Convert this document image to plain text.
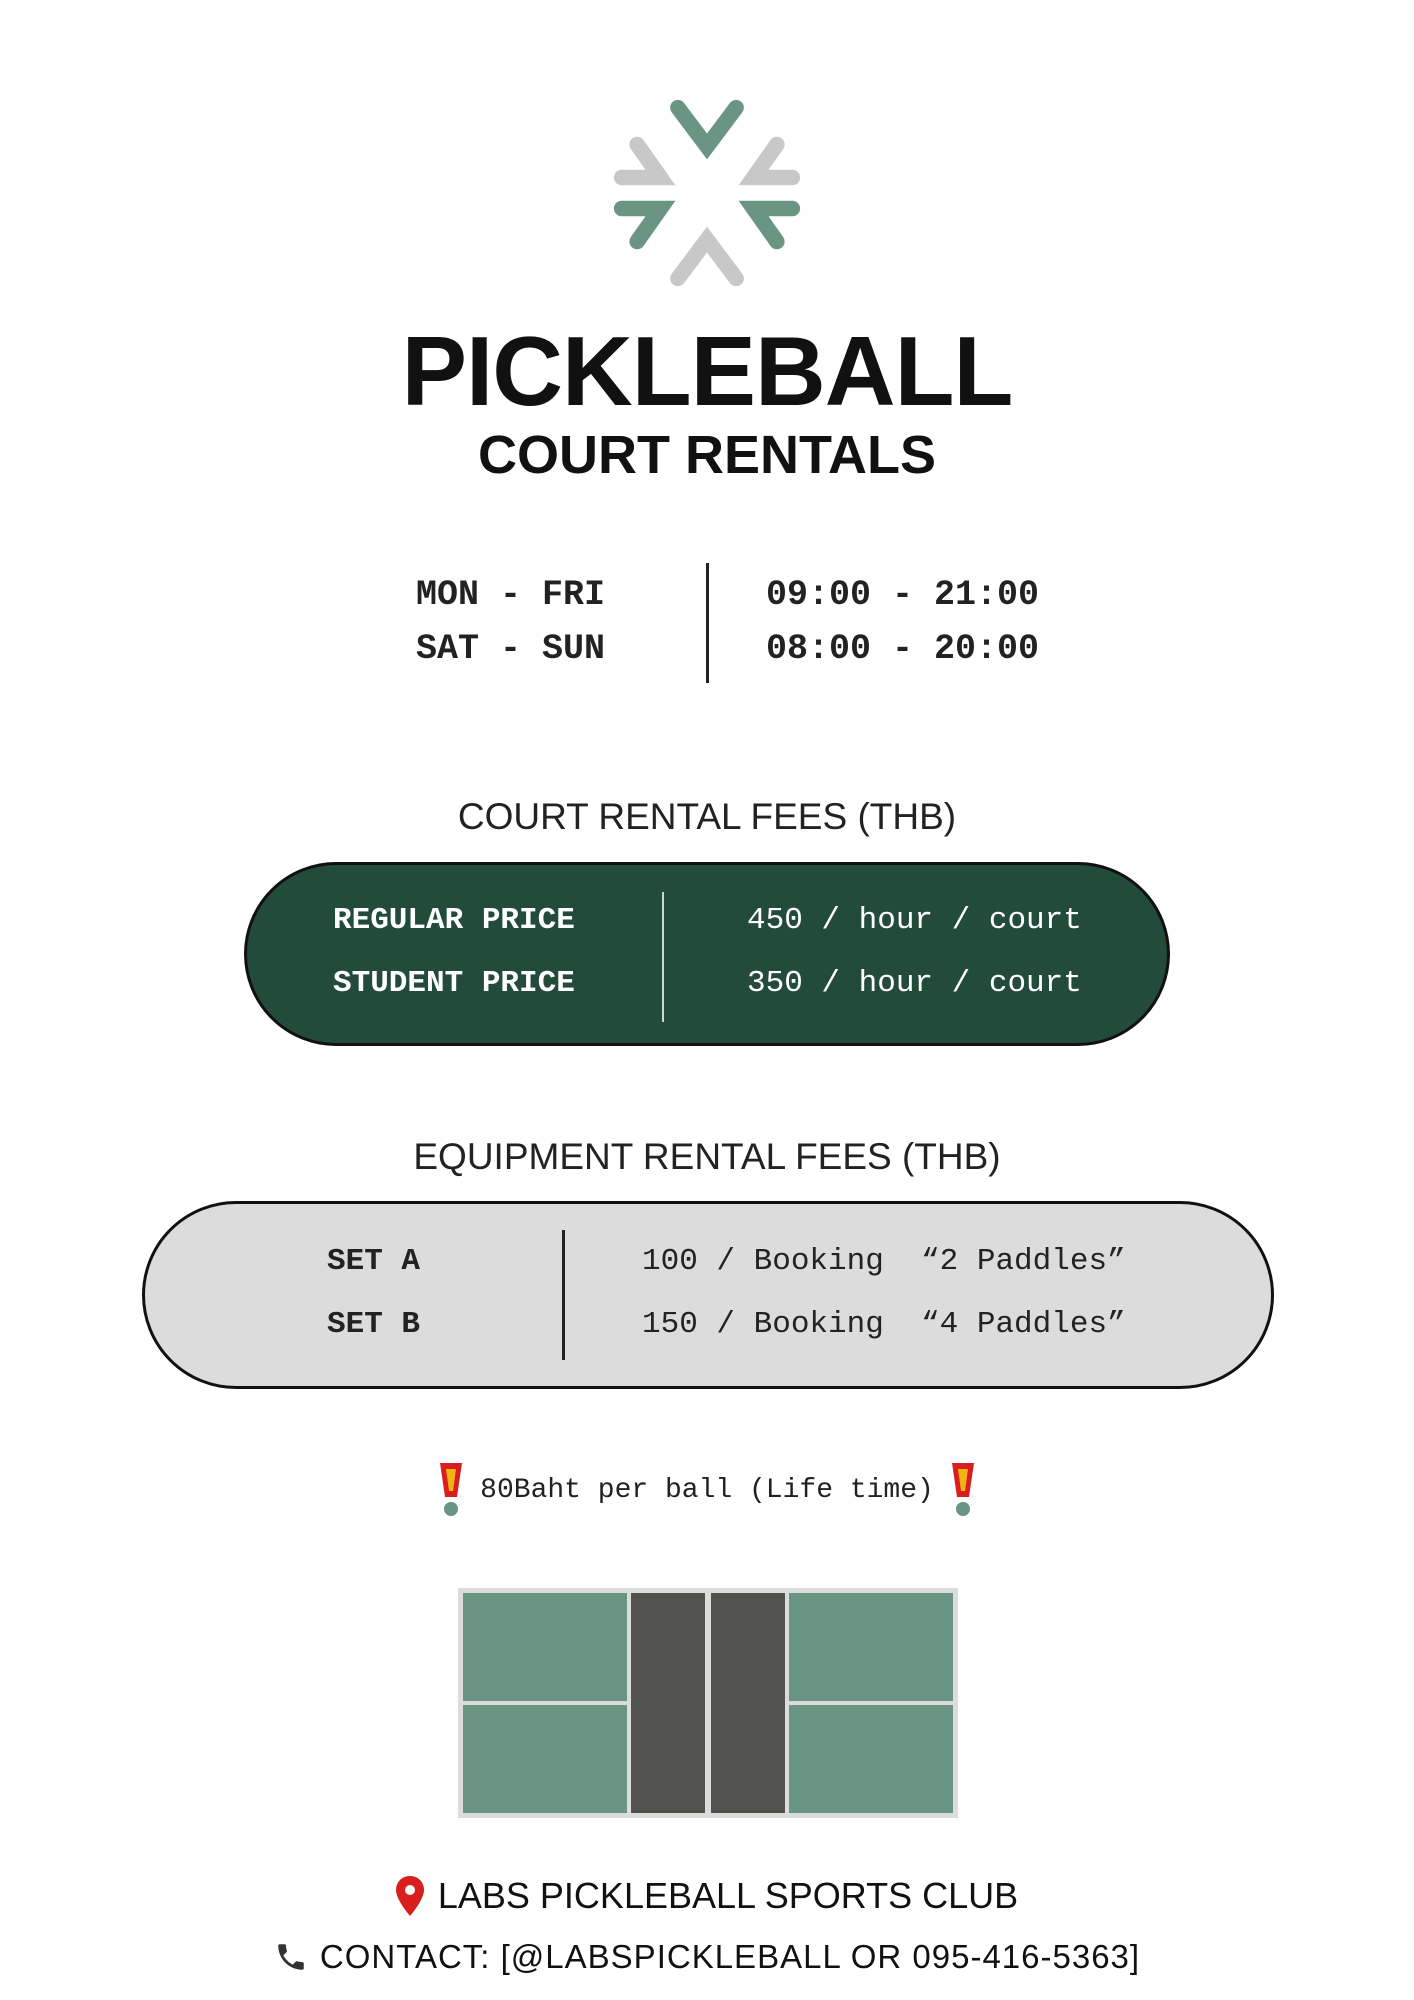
PICKLEBALL
COURT RENTALS
MON - FRI
SAT - SUN
09:00 - 21:00
08:00 - 20:00
COURT RENTAL FEES (THB)
REGULAR PRICE
STUDENT PRICE
450 / hour / court
350 / hour / court
EQUIPMENT RENTAL FEES (THB)
SET A
SET B
100 / Booking  “2 Paddles”
150 / Booking  “4 Paddles”
80Baht per ball (Life time)
LABS PICKLEBALL SPORTS CLUB
CONTACT: [@LABSPICKLEBALL OR 095-416-5363]
